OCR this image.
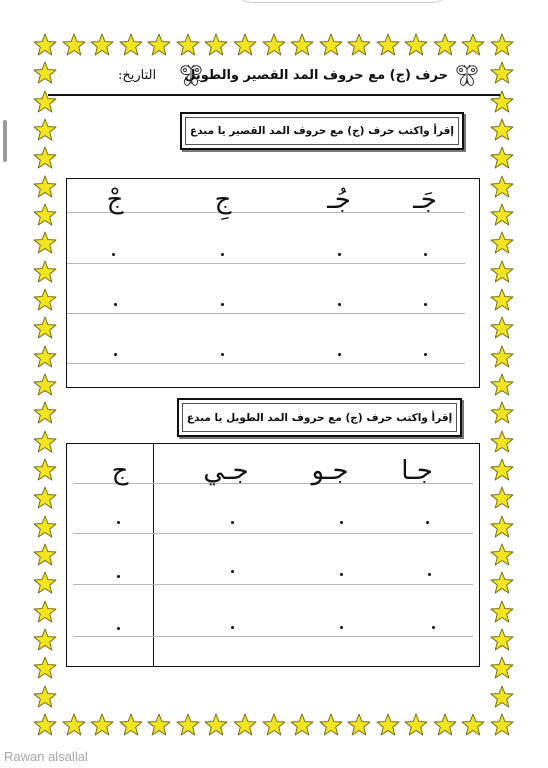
حرف (ج) مع حروف المد القصير والطويل
التاريخ:
إقرأ واكتب حرف (ج) مع حروف المد القصير يا مبدع
جَـ
جُـ
جِ
جْ
إقرأ واكتب حرف (ج) مع حروف المد الطويل يا مبدع
جـا
جـو
جـي
ج
Rawan alsallal
